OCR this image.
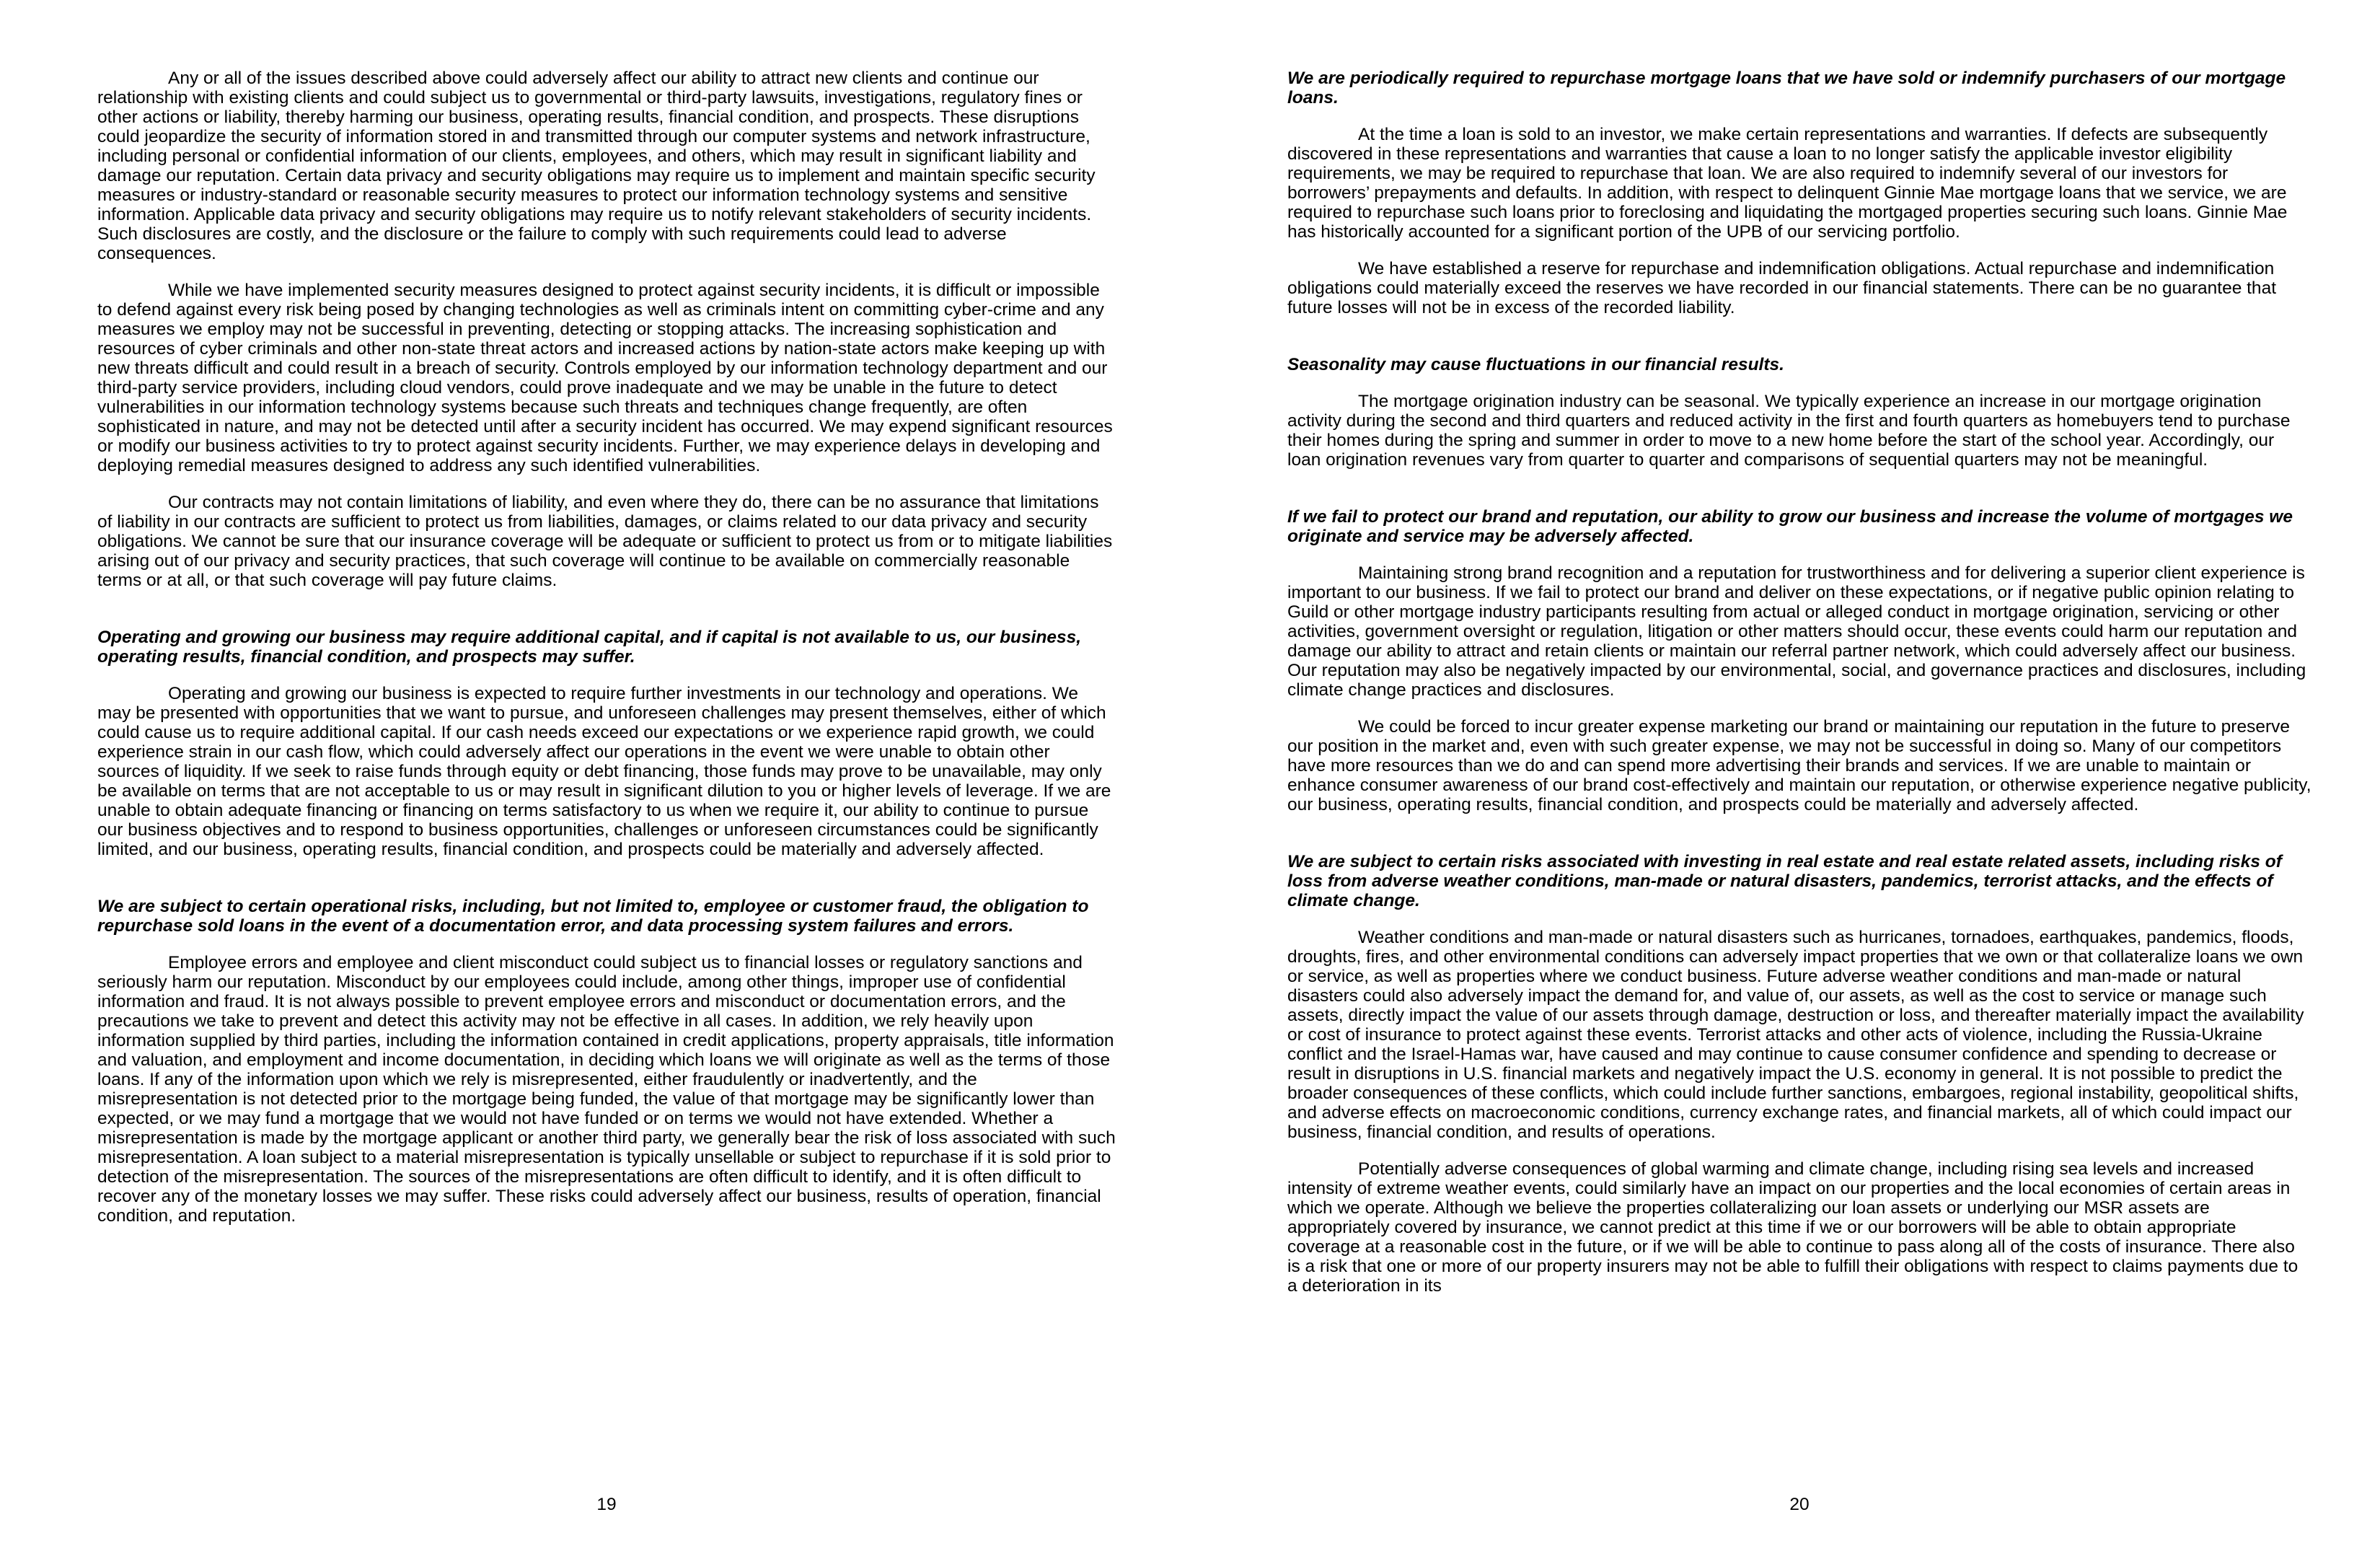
Any or all of the issues described above could adversely affect our ability to attract new clients and continue our relationship with existing clients and could subject us to governmental or third-party lawsuits, investigations, regulatory fines or other actions or liability, thereby harming our business, operating results, financial condition, and prospects. These disruptions could jeopardize the security of information stored in and transmitted through our computer systems and network infrastructure, including personal or confidential information of our clients, employees, and others, which may result in significant liability and damage our reputation. Certain data privacy and security obligations may require us to implement and maintain specific security measures or industry-standard or reasonable security measures to protect our information technology systems and sensitive information. Applicable data privacy and security obligations may require us to notify relevant stakeholders of security incidents. Such disclosures are costly, and the disclosure or the failure to comply with such requirements could lead to adverse consequences.

While we have implemented security measures designed to protect against security incidents, it is difficult or impossible to defend against every risk being posed by changing technologies as well as criminals intent on committing cyber-crime and any measures we employ may not be successful in preventing, detecting or stopping attacks. The increasing sophistication and resources of cyber criminals and other non-state threat actors and increased actions by nation-state actors make keeping up with new threats difficult and could result in a breach of security. Controls employed by our information technology department and our third-party service providers, including cloud vendors, could prove inadequate and we may be unable in the future to detect vulnerabilities in our information technology systems because such threats and techniques change frequently, are often sophisticated in nature, and may not be detected until after a security incident has occurred. We may expend significant resources or modify our business activities to try to protect against security incidents. Further, we may experience delays in developing and deploying remedial measures designed to address any such identified vulnerabilities.

Our contracts may not contain limitations of liability, and even where they do, there can be no assurance that limitations of liability in our contracts are sufficient to protect us from liabilities, damages, or claims related to our data privacy and security obligations. We cannot be sure that our insurance coverage will be adequate or sufficient to protect us from or to mitigate liabilities arising out of our privacy and security practices, that such coverage will continue to be available on commercially reasonable terms or at all, or that such coverage will pay future claims.

Operating and growing our business may require additional capital, and if capital is not available to us, our business, operating results, financial condition, and prospects may suffer.

Operating and growing our business is expected to require further investments in our technology and operations. We may be presented with opportunities that we want to pursue, and unforeseen challenges may present themselves, either of which could cause us to require additional capital. If our cash needs exceed our expectations or we experience rapid growth, we could experience strain in our cash flow, which could adversely affect our operations in the event we were unable to obtain other sources of liquidity. If we seek to raise funds through equity or debt financing, those funds may prove to be unavailable, may only be available on terms that are not acceptable to us or may result in significant dilution to you or higher levels of leverage. If we are unable to obtain adequate financing or financing on terms satisfactory to us when we require it, our ability to continue to pursue our business objectives and to respond to business opportunities, challenges or unforeseen circumstances could be significantly limited, and our business, operating results, financial condition, and prospects could be materially and adversely affected.

We are subject to certain operational risks, including, but not limited to, employee or customer fraud, the obligation to repurchase sold loans in the event of a documentation error, and data processing system failures and errors.

Employee errors and employee and client misconduct could subject us to financial losses or regulatory sanctions and seriously harm our reputation. Misconduct by our employees could include, among other things, improper use of confidential information and fraud. It is not always possible to prevent employee errors and misconduct or documentation errors, and the precautions we take to prevent and detect this activity may not be effective in all cases. In addition, we rely heavily upon information supplied by third parties, including the information contained in credit applications, property appraisals, title information and valuation, and employment and income documentation, in deciding which loans we will originate as well as the terms of those loans. If any of the information upon which we rely is misrepresented, either fraudulently or inadvertently, and the misrepresentation is not detected prior to the mortgage being funded, the value of that mortgage may be significantly lower than expected, or we may fund a mortgage that we would not have funded or on terms we would not have extended. Whether a misrepresentation is made by the mortgage applicant or another third party, we generally bear the risk of loss associated with such misrepresentation. A loan subject to a material misrepresentation is typically unsellable or subject to repurchase if it is sold prior to detection of the misrepresentation. The sources of the misrepresentations are often difficult to identify, and it is often difficult to recover any of the monetary losses we may suffer. These risks could adversely affect our business, results of operation, financial condition, and reputation.

19

We are periodically required to repurchase mortgage loans that we have sold or indemnify purchasers of our mortgage loans.

At the time a loan is sold to an investor, we make certain representations and warranties. If defects are subsequently discovered in these representations and warranties that cause a loan to no longer satisfy the applicable investor eligibility requirements, we may be required to repurchase that loan. We are also required to indemnify several of our investors for borrowers’ prepayments and defaults. In addition, with respect to delinquent Ginnie Mae mortgage loans that we service, we are required to repurchase such loans prior to foreclosing and liquidating the mortgaged properties securing such loans. Ginnie Mae has historically accounted for a significant portion of the UPB of our servicing portfolio.

We have established a reserve for repurchase and indemnification obligations. Actual repurchase and indemnification obligations could materially exceed the reserves we have recorded in our financial statements. There can be no guarantee that future losses will not be in excess of the recorded liability.

Seasonality may cause fluctuations in our financial results.

The mortgage origination industry can be seasonal. We typically experience an increase in our mortgage origination activity during the second and third quarters and reduced activity in the first and fourth quarters as homebuyers tend to purchase their homes during the spring and summer in order to move to a new home before the start of the school year. Accordingly, our loan origination revenues vary from quarter to quarter and comparisons of sequential quarters may not be meaningful.

If we fail to protect our brand and reputation, our ability to grow our business and increase the volume of mortgages we originate and service may be adversely affected.

Maintaining strong brand recognition and a reputation for trustworthiness and for delivering a superior client experience is important to our business. If we fail to protect our brand and deliver on these expectations, or if negative public opinion relating to Guild or other mortgage industry participants resulting from actual or alleged conduct in mortgage origination, servicing or other activities, government oversight or regulation, litigation or other matters should occur, these events could harm our reputation and damage our ability to attract and retain clients or maintain our referral partner network, which could adversely affect our business. Our reputation may also be negatively impacted by our environmental, social, and governance practices and disclosures, including climate change practices and disclosures.

We could be forced to incur greater expense marketing our brand or maintaining our reputation in the future to preserve our position in the market and, even with such greater expense, we may not be successful in doing so. Many of our competitors have more resources than we do and can spend more advertising their brands and services. If we are unable to maintain or enhance consumer awareness of our brand cost-effectively and maintain our reputation, or otherwise experience negative publicity, our business, operating results, financial condition, and prospects could be materially and adversely affected.

We are subject to certain risks associated with investing in real estate and real estate related assets, including risks of loss from adverse weather conditions, man-made or natural disasters, pandemics, terrorist attacks, and the effects of climate change.

Weather conditions and man-made or natural disasters such as hurricanes, tornadoes, earthquakes, pandemics, floods, droughts, fires, and other environmental conditions can adversely impact properties that we own or that collateralize loans we own or service, as well as properties where we conduct business. Future adverse weather conditions and man-made or natural disasters could also adversely impact the demand for, and value of, our assets, as well as the cost to service or manage such assets, directly impact the value of our assets through damage, destruction or loss, and thereafter materially impact the availability or cost of insurance to protect against these events. Terrorist attacks and other acts of violence, including the Russia-Ukraine conflict and the Israel-Hamas war, have caused and may continue to cause consumer confidence and spending to decrease or result in disruptions in U.S. financial markets and negatively impact the U.S. economy in general. It is not possible to predict the broader consequences of these conflicts, which could include further sanctions, embargoes, regional instability, geopolitical shifts, and adverse effects on macroeconomic conditions, currency exchange rates, and financial markets, all of which could impact our business, financial condition, and results of operations.

Potentially adverse consequences of global warming and climate change, including rising sea levels and increased intensity of extreme weather events, could similarly have an impact on our properties and the local economies of certain areas in which we operate. Although we believe the properties collateralizing our loan assets or underlying our MSR assets are appropriately covered by insurance, we cannot predict at this time if we or our borrowers will be able to obtain appropriate coverage at a reasonable cost in the future, or if we will be able to continue to pass along all of the costs of insurance. There also is a risk that one or more of our property insurers may not be able to fulfill their obligations with respect to claims payments due to a deterioration in its

20
